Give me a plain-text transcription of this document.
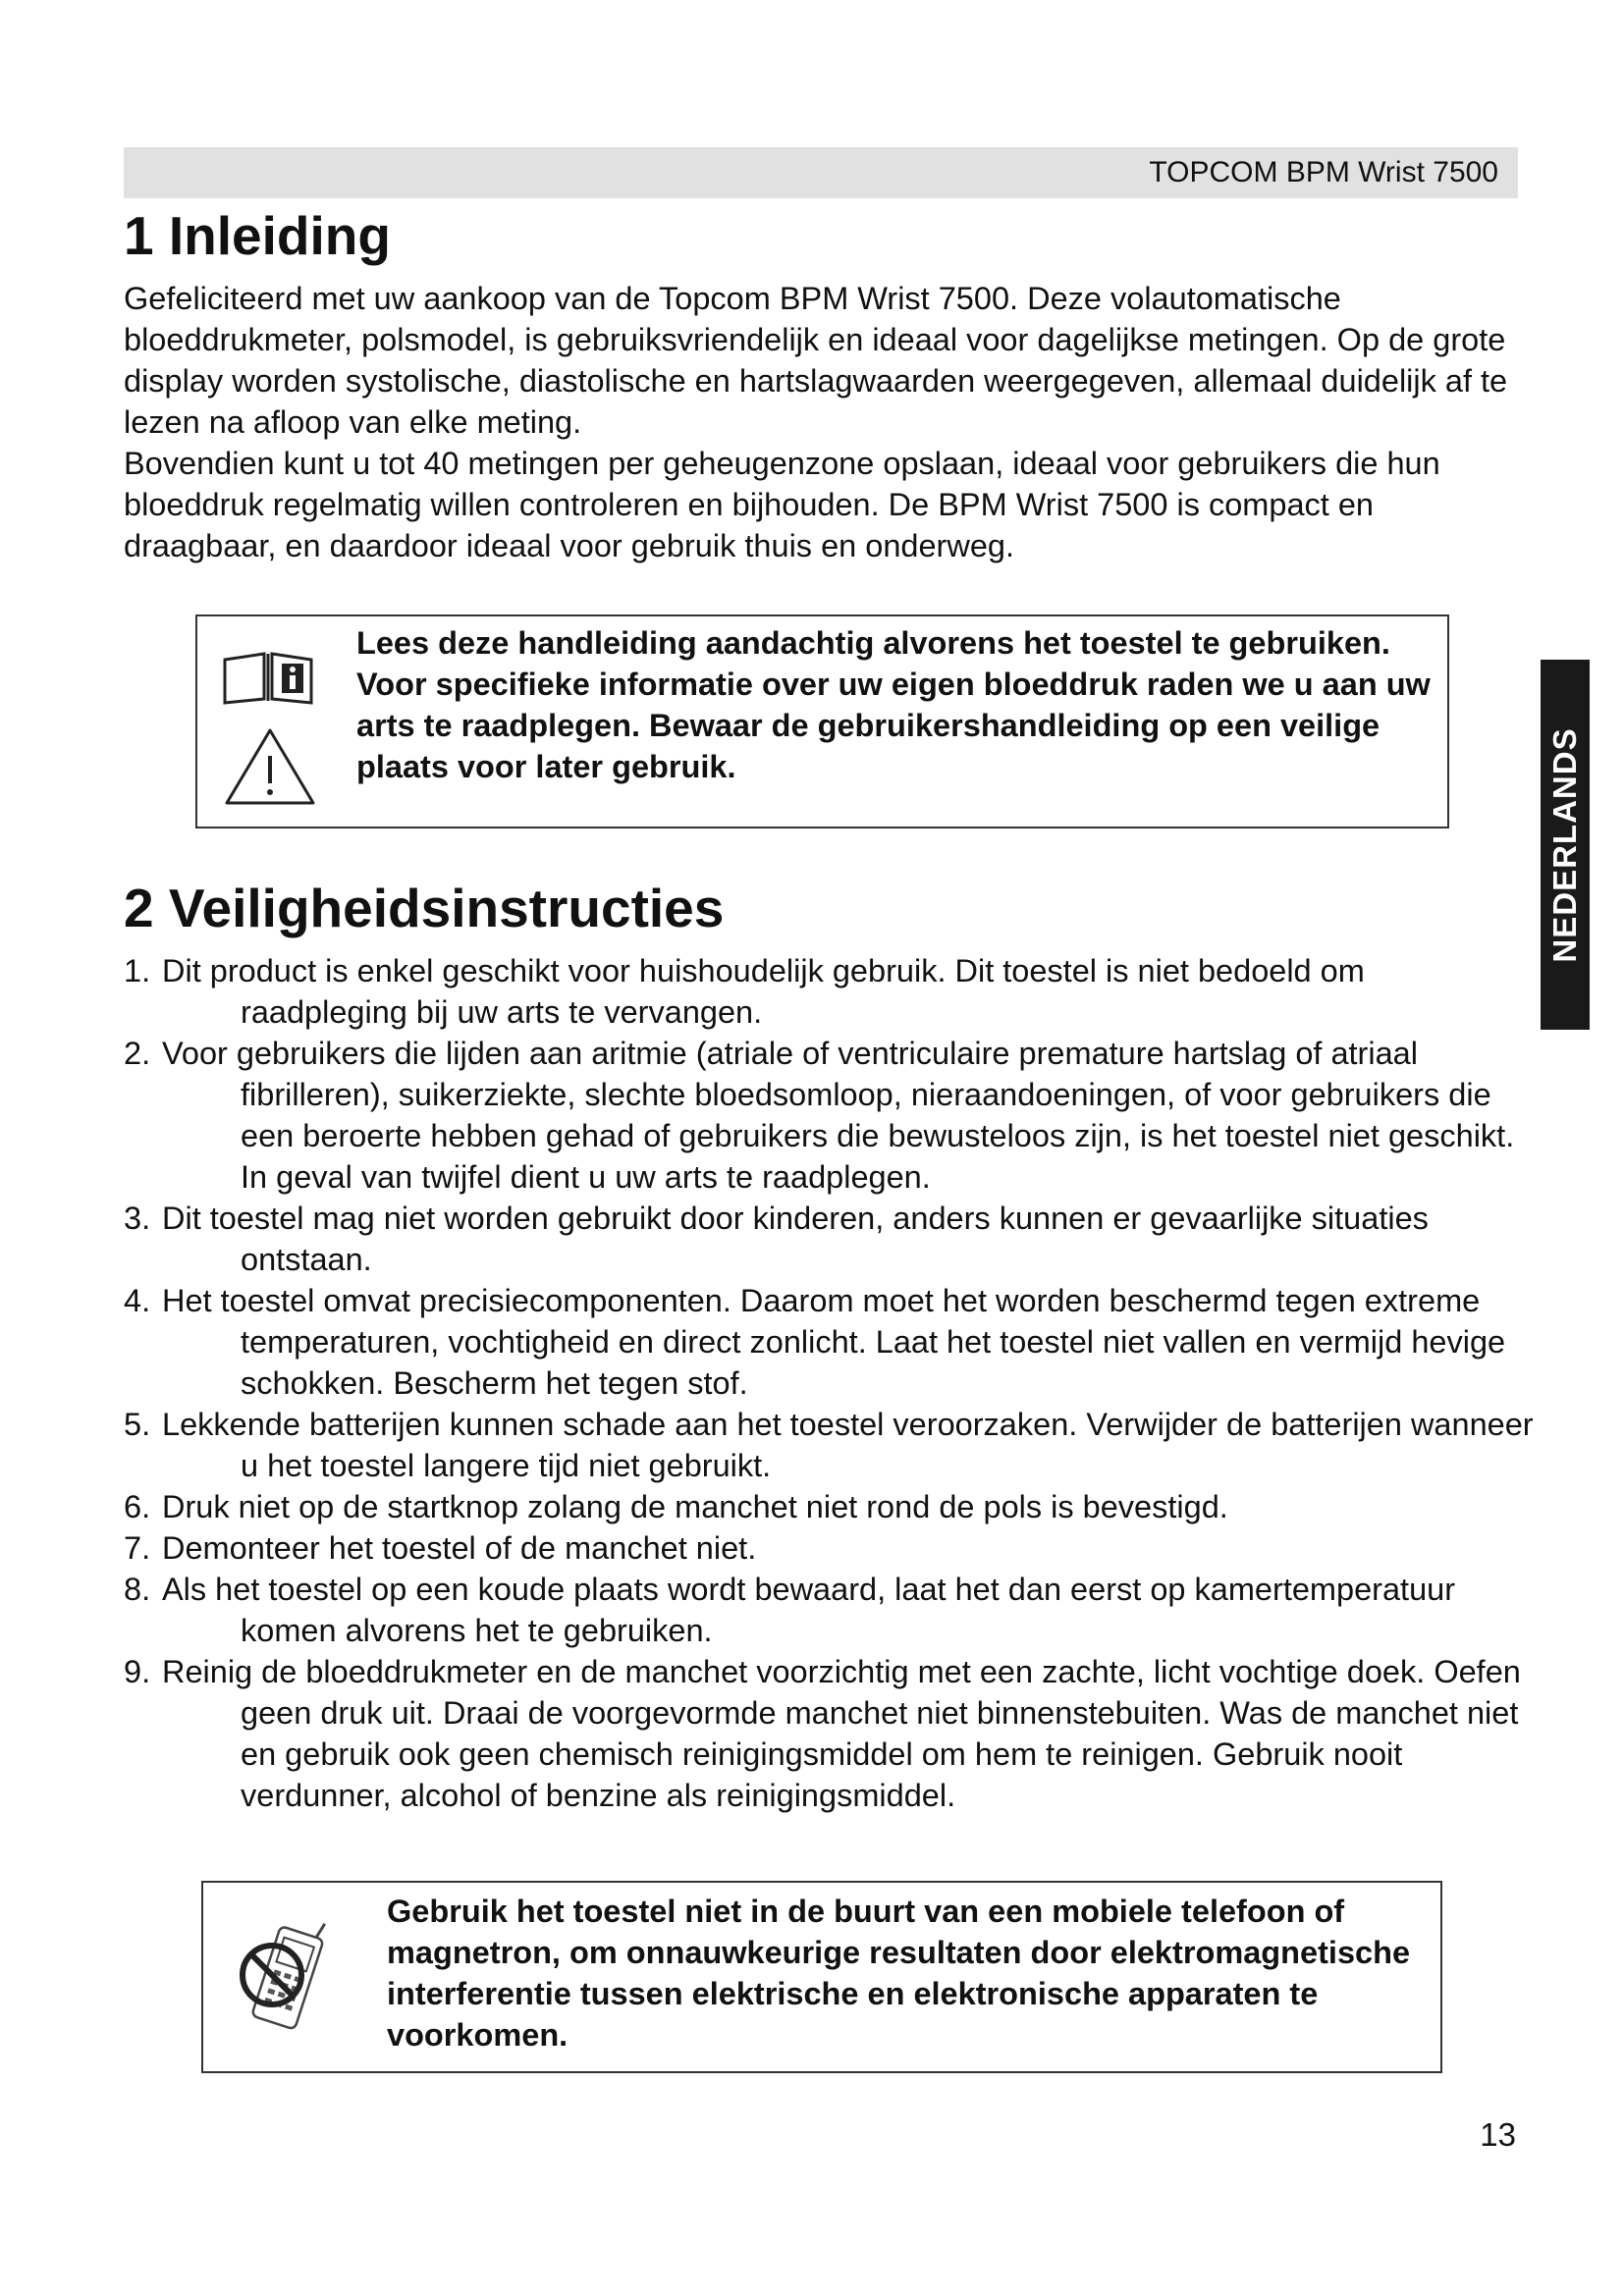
TOPCOM BPM Wrist 7500
1 Inleiding

Gefeliciteerd met uw aankoop van de Topcom BPM Wrist 7500. Deze volautomatische bloeddrukmeter, polsmodel, is gebruiksvriendelijk en ideaal voor dagelijkse metingen. Op de grote display worden systolische, diastolische en hartslagwaarden weergegeven, allemaal duidelijk af te lezen na afloop van elke meting.

Bovendien kunt u tot 40 metingen per geheugenzone opslaan, ideaal voor gebruikers die hun bloeddruk regelmatig willen controleren en bijhouden. De BPM Wrist 7500 is compact en draagbaar, en daardoor ideaal voor gebruik thuis en onderweg.

Lees deze handleiding aandachtig alvorens het toestel te gebruiken. Voor specifieke informatie over uw eigen bloeddruk raden we u aan uw arts te raadplegen. Bewaar de gebruikershandleiding op een veilige plaats voor later gebruik.	NEDERLANDS
2 Veiligheidsinstructies
1. Dit product is enkel geschikt voor huishoudelijk gebruik. Dit toestel is niet bedoeld om raadpleging bij uw arts te vervangen.
2. Voor gebruikers die lijden aan aritmie (atriale of ventriculaire premature hartslag of atriaal fibrilleren), suikerziekte, slechte bloedsomloop, nieraandoeningen, of voor gebruikers die een beroerte hebben gehad of gebruikers die bewusteloos zijn, is het toestel niet geschikt. In geval van twijfel dient u uw arts te raadplegen.
3. Dit toestel mag niet worden gebruikt door kinderen, anders kunnen er gevaarlijke situaties ontstaan.
4. Het toestel omvat precisiecomponenten. Daarom moet het worden beschermd tegen extreme temperaturen, vochtigheid en direct zonlicht. Laat het toestel niet vallen en vermijd hevige schokken. Bescherm het tegen stof.
5. Lekkende batterijen kunnen schade aan het toestel veroorzaken. Verwijder de batterijen wanneer u het toestel langere tijd niet gebruikt.
6. Druk niet op de startknop zolang de manchet niet rond de pols is bevestigd.
7. Demonteer het toestel of de manchet niet.
8. Als het toestel op een koude plaats wordt bewaard, laat het dan eerst op kamertemperatuur komen alvorens het te gebruiken.
9. Reinig de bloeddrukmeter en de manchet voorzichtig met een zachte, licht vochtige doek. Oefen geen druk uit. Draai de voorgevormde manchet niet binnenstebuiten. Was de manchet niet en gebruik ook geen chemisch reinigingsmiddel om hem te reinigen. Gebruik nooit verdunner, alcohol of benzine als reinigingsmiddel.

Gebruik het toestel niet in de buurt van een mobiele telefoon of magnetron, om onnauwkeurige resultaten door elektromagnetische interferentie tussen elektrische en elektronische apparaten te voorkomen.

13
